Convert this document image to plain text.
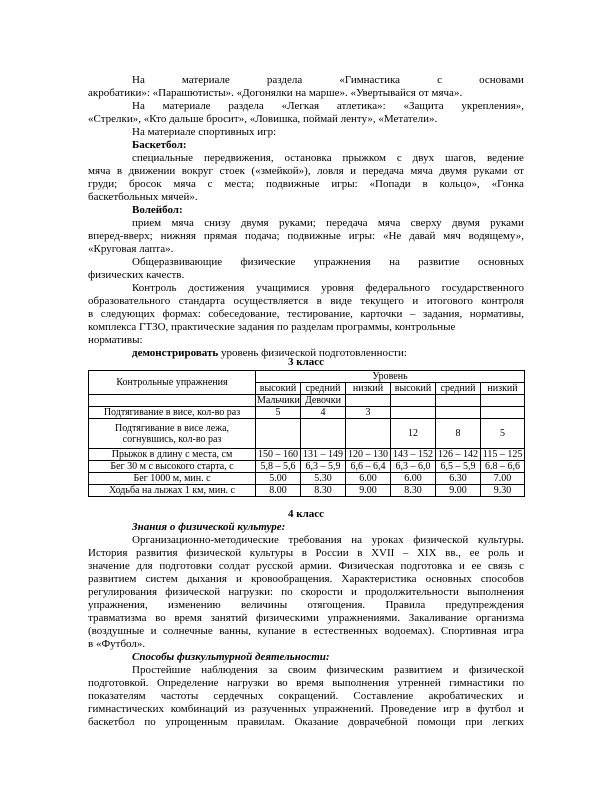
На	материале	раздела	«Гимнастика	с	основами
акробатики»: «Парашютисты». «Догонялки на марше». «Увертывайся от мяча».
На материале раздела «Легкая атлетика»: «Защита укрепления»,
«Стрелки», «Кто дальше бросит», «Ловишка, поймай ленту», «Метатели».
На материале спортивных игр:
Баскетбол:
специальные передвижения, остановка прыжком с двух шагов, ведение
мяча в движении вокруг стоек («змейкой»), ловля и передача мяча двумя руками от
груди; бросок мяча с места; подвижные игры: «Попади в кольцо», «Гонка
баскетбольных мячей».
Волейбол:
прием мяча снизу двумя руками; передача мяча сверху двумя руками
вперед-вверх; нижняя прямая подача; подвижные игры: «Не давай мяч водящему»,
«Круговая лапта».
Общеразвивающие физические упражнения на развитие основных
физических качеств.
Контроль достижения учащимися уровня федерального государственного
образовательного стандарта осуществляется в виде текущего и итогового контроля
в следующих формах: собеседование, тестирование, карточки – задания, нормативы,
комплекса ГТЗО, практические задания по разделам программы, контрольные
нормативы:
демонстрировать уровень физической подготовленности:
3 класс
Контрольные упражнения	Уровень					
	высокий	средний	низкий	высокий	средний	низкий
	Мальчики	Девочки				
Подтягивание в висе, кол-во раз	5	4	3			
Подтягивание в висе лежа, согнувшись, кол-во раз				12	8	5
Прыжок в длину с места, см	150 – 160	131 – 149	120 – 130	143 – 152	126 – 142	115 – 125
Бег 30 м с высокого старта, с	5,8 – 5,6	6,3 – 5,9	6,6 – 6,4	6,3 – 6,0	6,5 – 5,9	6.8 – 6,6
Бег 1000 м, мин. с	5.00	5.30	6.00	6.00	6.30	7.00
Ходьба на лыжах 1 км, мин. с	8.00	8.30	9.00	8.30	9.00	9.30
4 класс
Знания о физической культуре:
Организационно-методические требования на уроках физической культуры.
История развития физической культуры в России в XVII – XIX вв., ее роль и
значение для подготовки солдат русской армии. Физическая подготовка и ее связь с
развитием систем дыхания и кровообращения. Характеристика основных способов
регулирования физической нагрузки: по скорости и продолжительности выполнения
упражнения, изменению величины отягощения. Правила предупреждения
травматизма во время занятий физическими упражнениями. Закаливание организма
(воздушные и солнечные ванны, купание в естественных водоемах). Спортивная игра
в «Футбол».
Способы физкультурной деятельности:
Простейшие наблюдения за своим физическим развитием и физической
подготовкой. Определение нагрузки во время выполнения утренней гимнастики по
показателям частоты сердечных сокращений. Составление акробатических и
гимнастических комбинаций из разученных упражнений. Проведение игр в футбол и
баскетбол по упрощенным правилам. Оказание доврачебной помощи при легких
